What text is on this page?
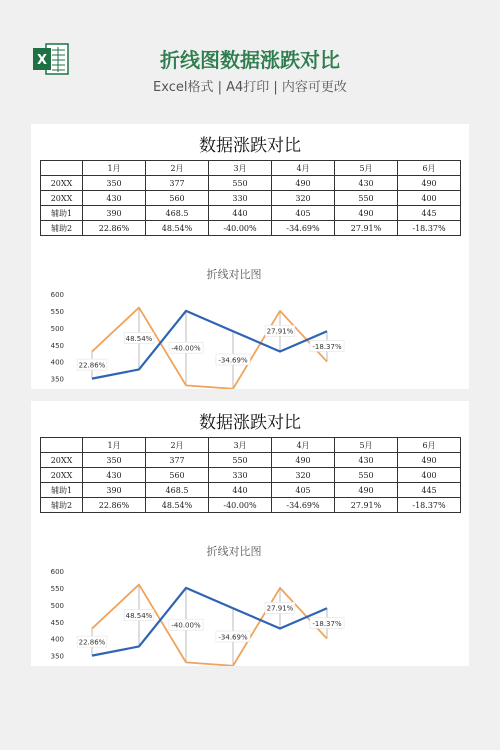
X	折线图数据涨跌对比
Excel格式 | A4打印 | 内容可更改
数据涨跌对比
	1月	2月	3月	4月	5月	6月
20XX	350	377	550	490	430	490
20XX	430	560	330	320	550	400
辅助1	390	468.5	440	405	490	445
辅助2	22.86%	48.54%	-40.00%	-34.69%	27.91%	-18.37%
折线对比图
350
400
450
500
550
600
22.86%
48.54%
-40.00%
-34.69%
27.91%
-18.37%
数据涨跌对比
	1月	2月	3月	4月	5月	6月
20XX	350	377	550	490	430	490
20XX	430	560	330	320	550	400
辅助1	390	468.5	440	405	490	445
辅助2	22.86%	48.54%	-40.00%	-34.69%	27.91%	-18.37%
折线对比图
350
400
450
500
550
600
22.86%
48.54%
-40.00%
-34.69%
27.91%
-18.37%
